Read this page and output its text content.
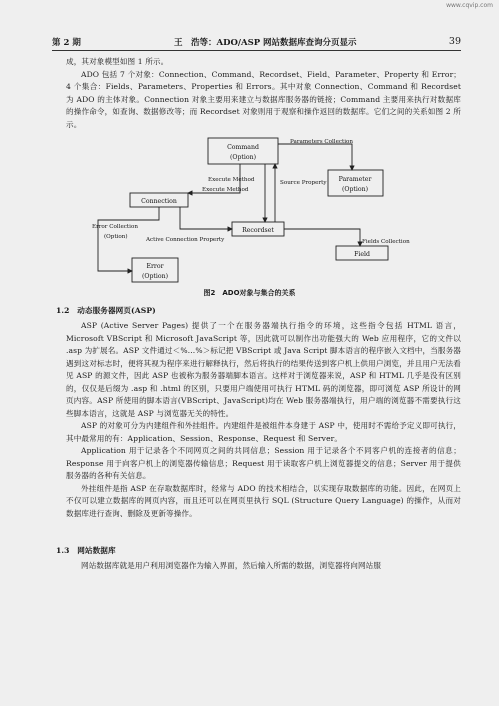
www.cqvip.com
第 2 期	王　浩等：ADO/ASP 网站数据库查询分页显示	39

成，其对象模型如图 1 所示。

ADO 包括 7 个对象：Connection、Command、Recordset、Field、Parameter、Property 和 Error；4 个集合：Fields、Parameters、Properties 和 Errors。其中对象 Connection、Command 和 Recordset 为 ADO 的主体对象。Connection 对象主要用来建立与数据库服务器的链接；Command 主要用来执行对数据库的操作命令，如查询、数据修改等；而 Recordset 对象则用于观察和操作返回的数据库。它们之间的关系如图 2 所示。

Command
(Option)
Parameter
(Option)
Connection
Recordset
Error
(Option)
Field
Parameters Collection
Execute Method
Execute Method
Source Property
Error Collection
(Option)	Active Connection Property	Fields Collection
图2　ADO对象与集合的关系

1.2　动态服务器网页(ASP)

ASP (Active Server Pages) 提供了一个在服务器端执行指令的环境，这些指令包括 HTML 语言，Microsoft VBScript 和 Microsoft JavaScript 等，因此就可以制作出功能强大的 Web 应用程序，它的文件以 .asp 为扩展名。ASP 文件通过＜%…%＞标记把 VBScript 或 Java Script 脚本语言的程序嵌入文档中，当服务器遇到这对标志时，便将其视为程序来进行解释执行，然后将执行的结果传送到客户机上供用户浏览，并且用户无法看见 ASP 的源文件，因此 ASP 也被称为服务器端脚本语言。这样对于浏览器来说，ASP 和 HTML 几乎是没有区别的，仅仅是后缀为 .asp 和 .html 的区别，只要用户端使用可执行 HTML 码的浏览器，即可浏览 ASP 所设计的网页内容。ASP 所使用的脚本语言(VBScript、JavaScript)均在 Web 服务器端执行，用户端的浏览器不需要执行这些脚本语言，这就是 ASP 与浏览器无关的特性。

ASP 的对象可分为内建组件和外挂组件。内建组件是被组件本身建于 ASP 中，使用时不需给予定义即可执行，其中最常用的有：Application、Session、Response、Request 和 Server。

Application 用于记录各个不同网页之间的共同信息；Session 用于记录各个不同客户机的连接者的信息；Response 用于向客户机上的浏览器传输信息；Request 用于读取客户机上浏览器提交的信息；Server 用于提供服务器的各种有关信息。

外挂组件是指 ASP 在存取数据库时，经常与 ADO 的技术相结合，以实现存取数据库的功能。因此，在网页上不仅可以建立数据库的网页内容，而且还可以在网页里执行 SQL (Structure Query Language) 的操作，从而对数据库进行查询、删除及更新等操作。

1.3　网站数据库

网站数据库就是用户利用浏览器作为输入界面，然后输入所需的数据，浏览器将向网站服
